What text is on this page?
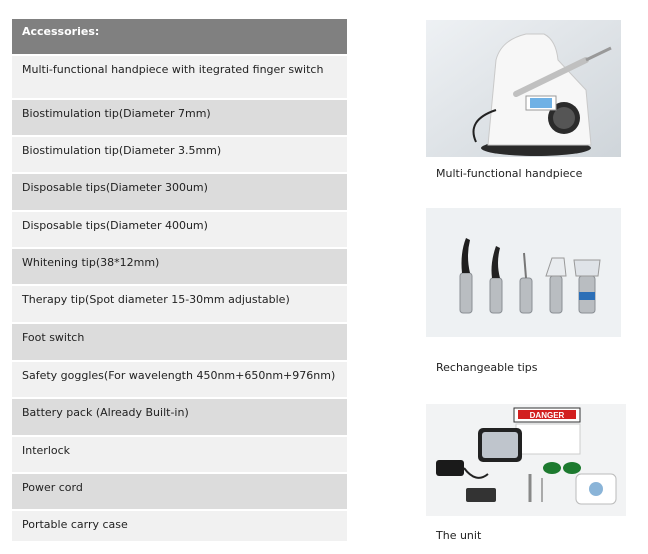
Accessories:
Multi-functional handpiece with itegrated finger switch
Biostimulation tip(Diameter 7mm)
Biostimulation tip(Diameter 3.5mm)
Disposable tips(Diameter 300um)
Disposable tips(Diameter 400um)
Whitening tip(38*12mm)
Therapy tip(Spot diameter 15-30mm adjustable)
Foot switch
Safety goggles(For wavelength 450nm+650nm+976nm)
Battery pack (Already Built-in)
Interlock
Power cord
Portable carry case
Multi-functional handpiece
Rechangeable tips
DANGER
The unit
